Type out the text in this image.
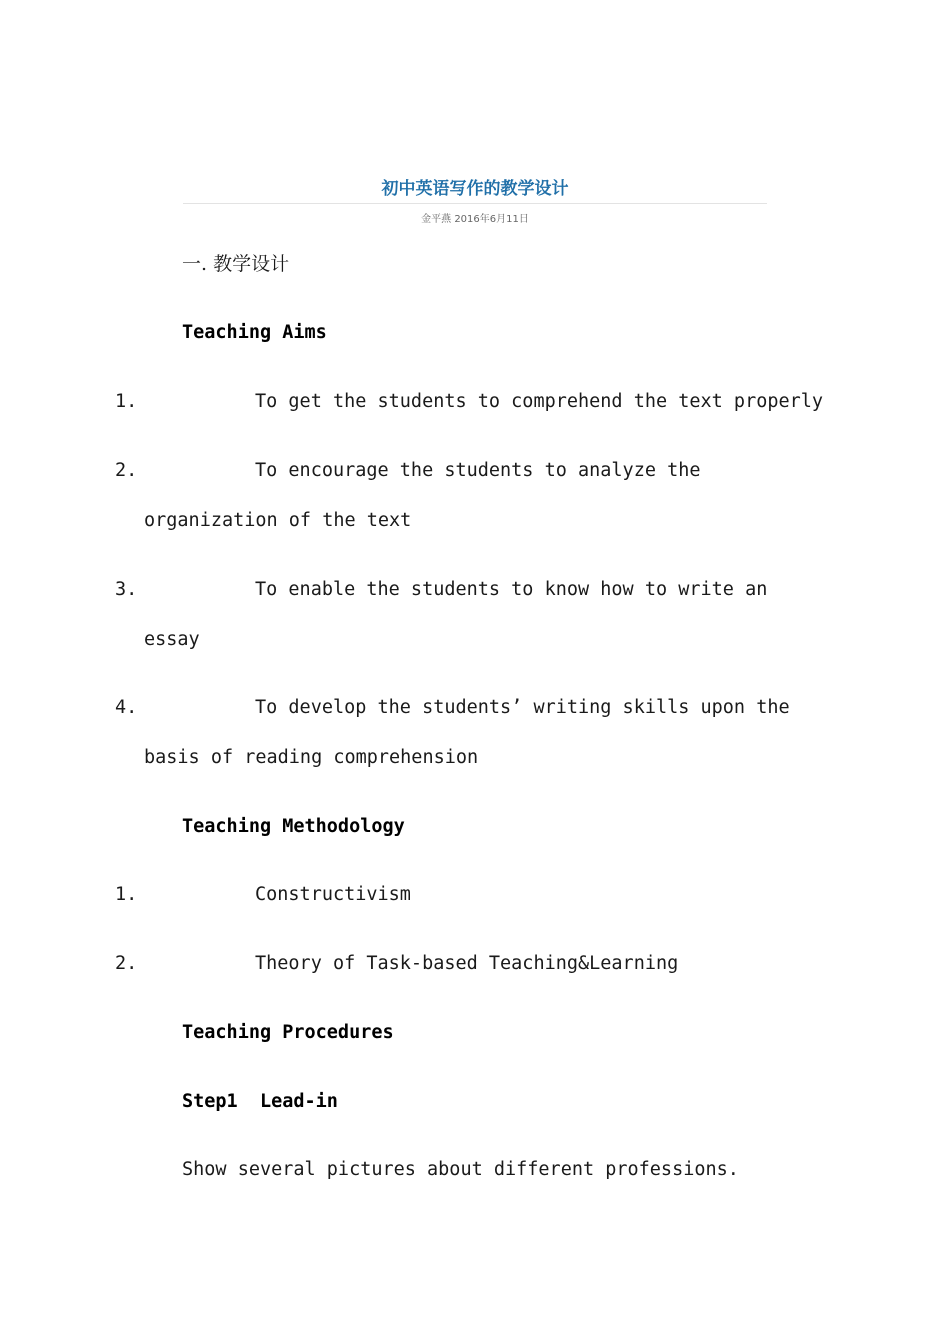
初中英语写作的教学设计
金平燕 2016年6月11日
一. 教学设计
Teaching Aims
1.	To get the students to comprehend the text properly
2.	To encourage the students to analyze the
organization of the text
3.	To enable the students to know how to write an
essay
4.	To develop the students’ writing skills upon the
basis of reading comprehension
Teaching Methodology
1.	Constructivism
2.	Theory of Task-based Teaching&Learning
Teaching Procedures
Step1  Lead-in
Show several pictures about different professions.
